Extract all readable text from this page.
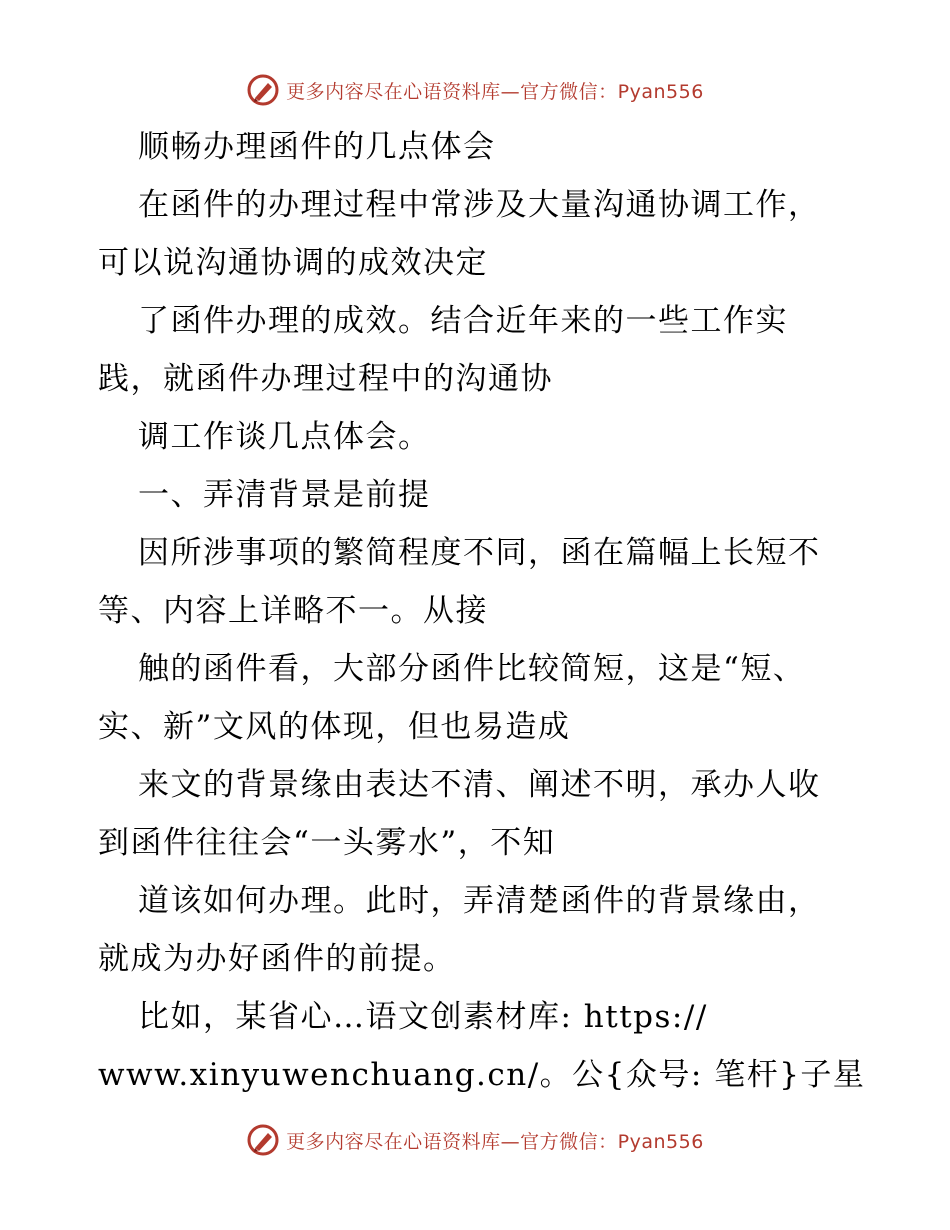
更多内容尽在心语资料库—官方微信：Pyan556
顺畅办理函件的几点体会
在函件的办理过程中常涉及大量沟通协调工作，
可以说沟通协调的成效决定
了函件办理的成效。结合近年来的一些工作实
践，就函件办理过程中的沟通协
调工作谈几点体会。
一、弄清背景是前提
因所涉事项的繁简程度不同，函在篇幅上长短不
等、内容上详略不一。从接
触的函件看，大部分函件比较简短，这是“短、
实、新”文风的体现，但也易造成
来文的背景缘由表达不清、阐述不明，承办人收
到函件往往会“一头雾水”，不知
道该如何办理。此时，弄清楚函件的背景缘由，
就成为办好函件的前提。
比如，某省心…语文创素材库: https://
www.xinyuwenchuang.cn/。公{众号: 笔杆}子星
更多内容尽在心语资料库—官方微信：Pyan556
